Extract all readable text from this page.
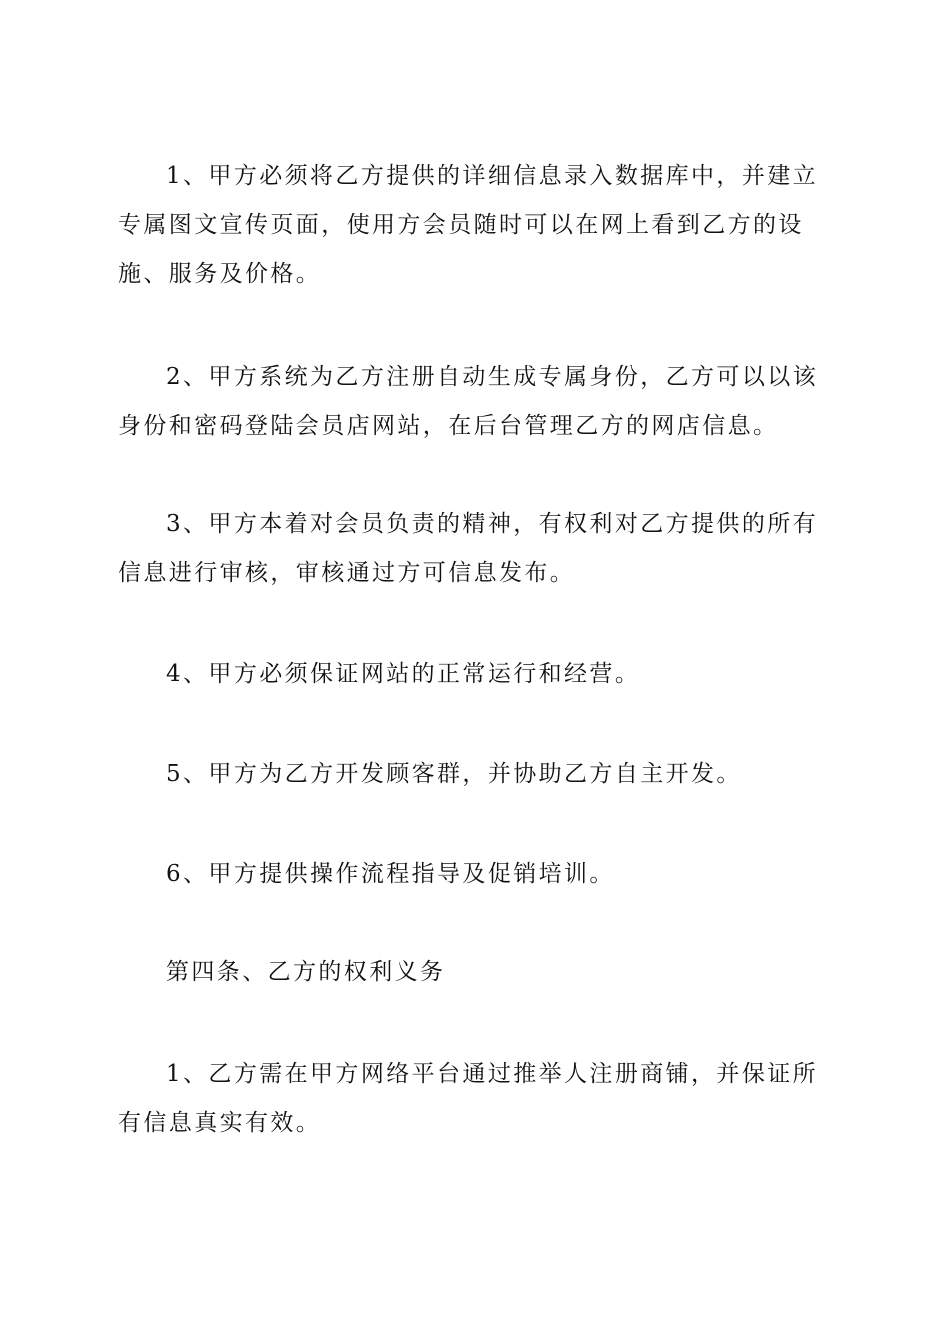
1、甲方必须将乙方提供的详细信息录入数据库中，并建立专属图文宣传页面，使用方会员随时可以在网上看到乙方的设施、服务及价格。

2、甲方系统为乙方注册自动生成专属身份，乙方可以以该身份和密码登陆会员店网站，在后台管理乙方的网店信息。

3、甲方本着对会员负责的精神，有权利对乙方提供的所有信息进行审核，审核通过方可信息发布。

4、甲方必须保证网站的正常运行和经营。

5、甲方为乙方开发顾客群，并协助乙方自主开发。

6、甲方提供操作流程指导及促销培训。

第四条、乙方的权利义务

1、乙方需在甲方网络平台通过推举人注册商铺，并保证所有信息真实有效。
